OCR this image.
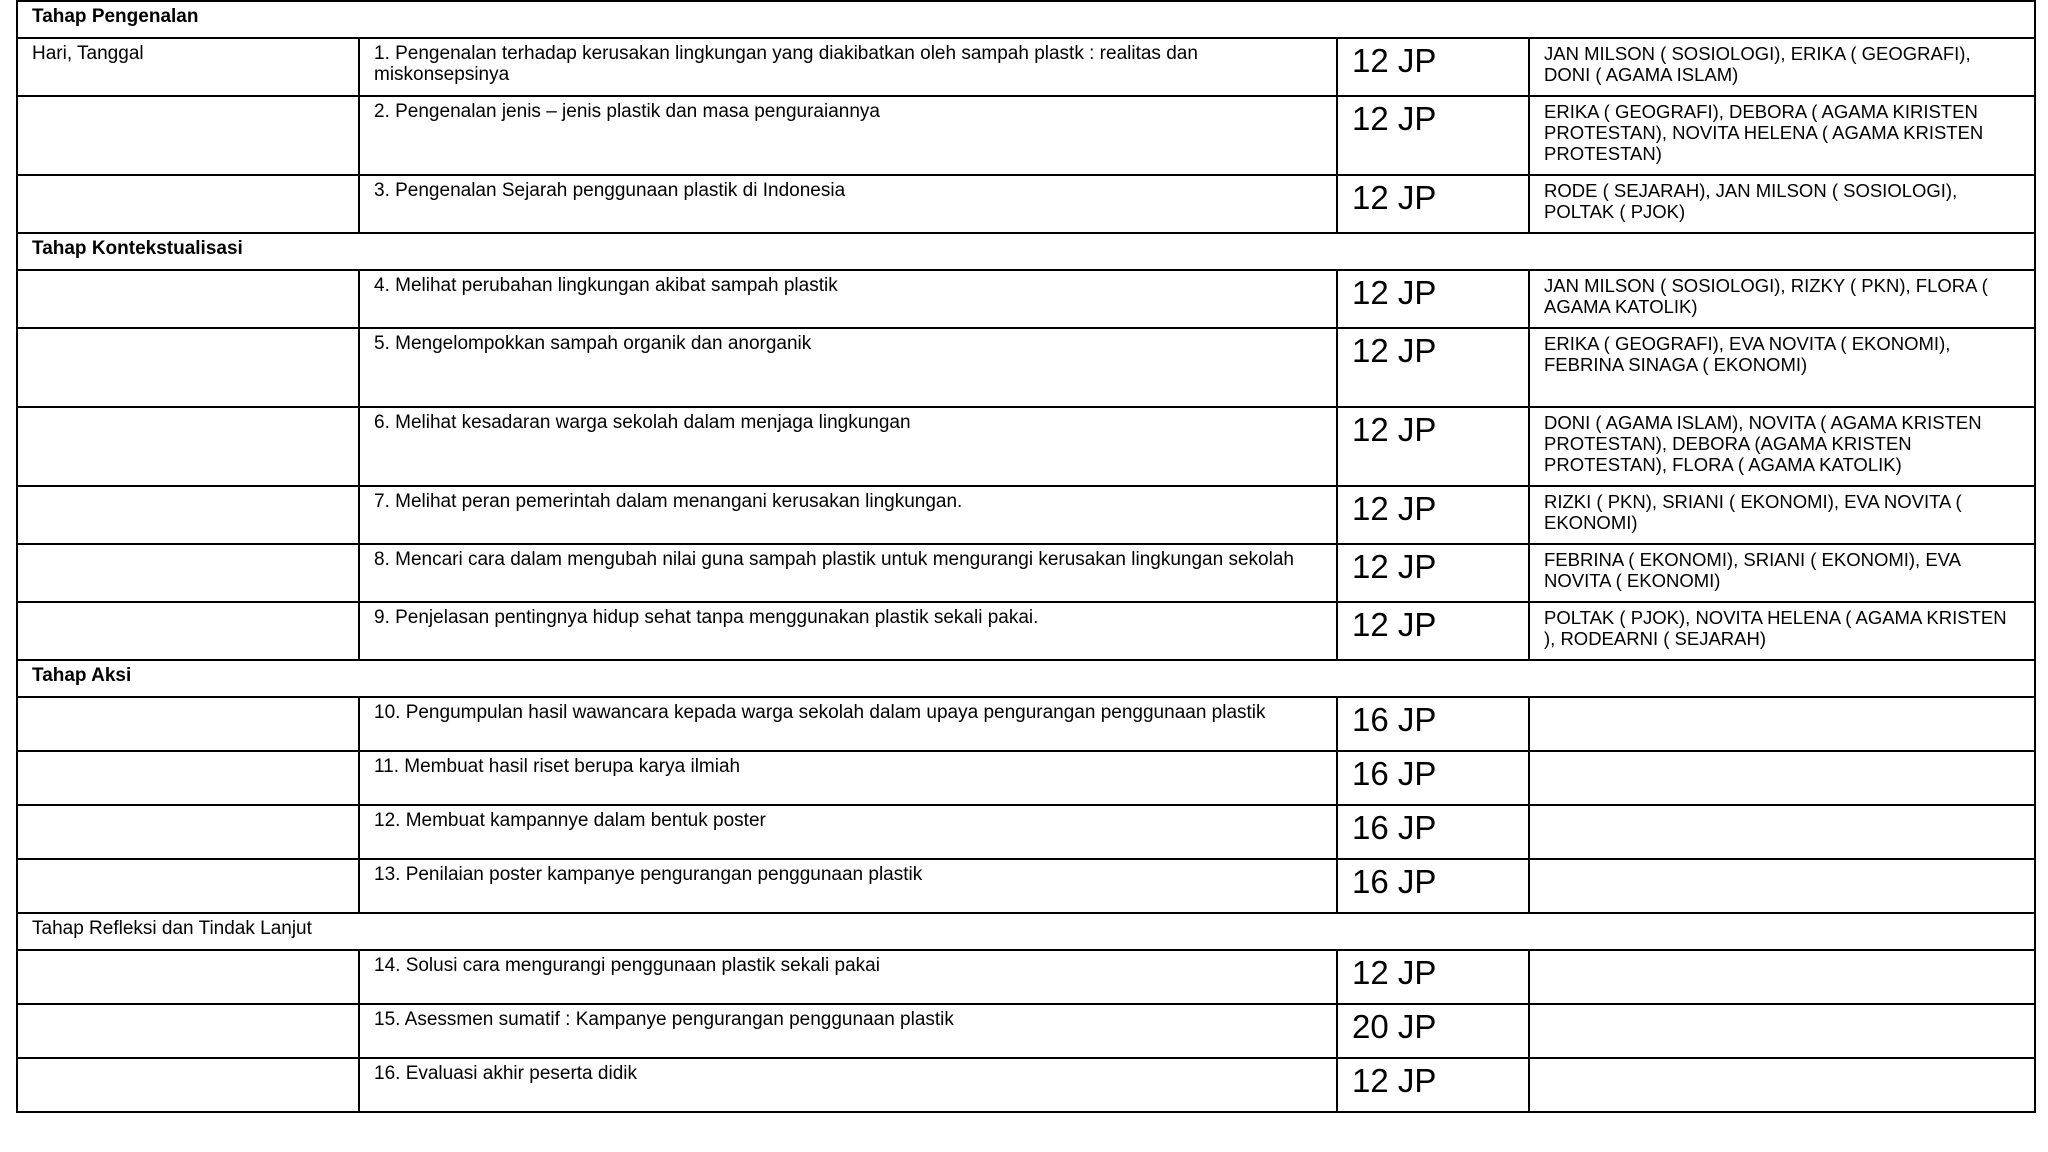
Tahap Pengenalan			
Hari, Tanggal	1. Pengenalan terhadap kerusakan lingkungan yang diakibatkan oleh sampah plastk : realitas dan miskonsepsinya	12 JP	JAN MILSON ( SOSIOLOGI), ERIKA ( GEOGRAFI), DONI ( AGAMA ISLAM)
	2. Pengenalan jenis – jenis plastik dan masa penguraiannya	12 JP	ERIKA ( GEOGRAFI), DEBORA ( AGAMA KIRISTEN PROTESTAN), NOVITA HELENA ( AGAMA KRISTEN PROTESTAN)
	3. Pengenalan Sejarah penggunaan plastik di Indonesia	12 JP	RODE ( SEJARAH), JAN MILSON ( SOSIOLOGI), POLTAK ( PJOK)
Tahap Kontekstualisasi			
	4. Melihat perubahan lingkungan akibat sampah plastik	12 JP	JAN MILSON ( SOSIOLOGI), RIZKY ( PKN), FLORA ( AGAMA KATOLIK)
	5. Mengelompokkan sampah organik dan anorganik	12 JP	ERIKA ( GEOGRAFI), EVA NOVITA ( EKONOMI), FEBRINA SINAGA ( EKONOMI)
	6. Melihat kesadaran warga sekolah dalam menjaga lingkungan	12 JP	DONI ( AGAMA ISLAM), NOVITA ( AGAMA KRISTEN PROTESTAN), DEBORA (AGAMA KRISTEN PROTESTAN), FLORA ( AGAMA KATOLIK)
	7. Melihat peran pemerintah dalam menangani kerusakan lingkungan.	12 JP	RIZKI ( PKN), SRIANI ( EKONOMI), EVA NOVITA ( EKONOMI)
	8. Mencari cara dalam mengubah nilai guna sampah plastik untuk mengurangi kerusakan lingkungan sekolah	12 JP	FEBRINA ( EKONOMI), SRIANI ( EKONOMI), EVA NOVITA ( EKONOMI)
	9. Penjelasan pentingnya hidup sehat tanpa menggunakan plastik sekali pakai.	12 JP	POLTAK ( PJOK), NOVITA HELENA ( AGAMA KRISTEN ), RODEARNI ( SEJARAH)
Tahap Aksi			
	10. Pengumpulan hasil wawancara kepada warga sekolah dalam upaya pengurangan penggunaan plastik	16 JP	
	11. Membuat hasil riset berupa karya ilmiah	16 JP	
	12. Membuat kampannye dalam bentuk poster	16 JP	
	13. Penilaian poster kampanye pengurangan penggunaan plastik	16 JP	
Tahap Refleksi dan Tindak Lanjut			
	14. Solusi cara mengurangi penggunaan plastik sekali pakai	12 JP	
	15. Asessmen sumatif : Kampanye pengurangan penggunaan plastik	20 JP	
	16. Evaluasi akhir peserta didik	12 JP	
